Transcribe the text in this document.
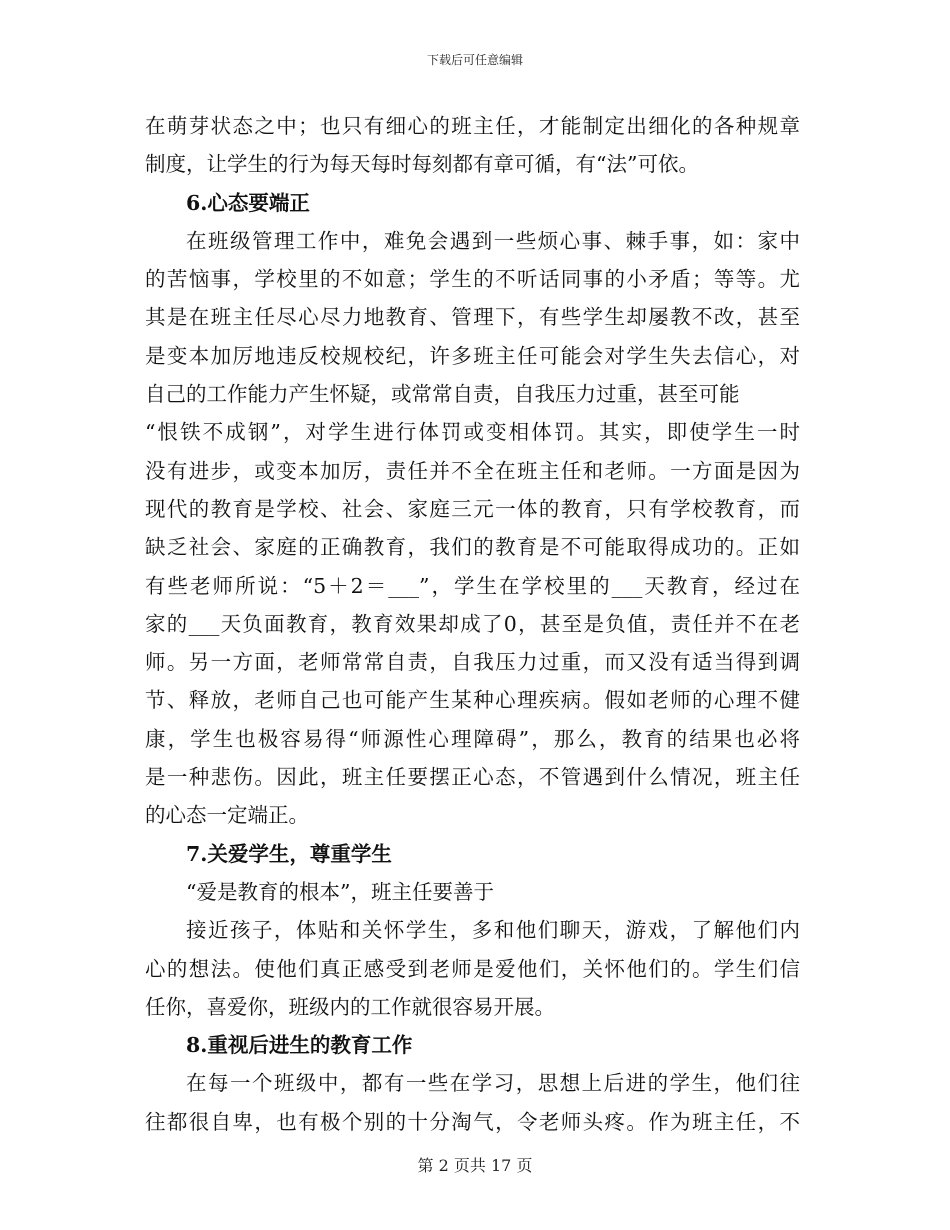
下载后可任意编辑
在萌芽状态之中；也只有细心的班主任，才能制定出细化的各种规章
制度，让学生的行为每天每时每刻都有章可循，有“法”可依。
6.心态要端正
在班级管理工作中，难免会遇到一些烦心事、棘手事，如：家中
的苦恼事，学校里的不如意；学生的不听话同事的小矛盾；等等。尤
其是在班主任尽心尽力地教育、管理下，有些学生却屡教不改，甚至
是变本加厉地违反校规校纪，许多班主任可能会对学生失去信心，对
自己的工作能力产生怀疑，或常常自责，自我压力过重，甚至可能
“恨铁不成钢”，对学生进行体罚或变相体罚。其实，即使学生一时
没有进步，或变本加厉，责任并不全在班主任和老师。一方面是因为
现代的教育是学校、社会、家庭三元一体的教育，只有学校教育，而
缺乏社会、家庭的正确教育，我们的教育是不可能取得成功的。正如
有些老师所说：“5＋2＝___”，学生在学校里的___天教育，经过在
家的___天负面教育，教育效果却成了0，甚至是负值，责任并不在老
师。另一方面，老师常常自责，自我压力过重，而又没有适当得到调
节、释放，老师自己也可能产生某种心理疾病。假如老师的心理不健
康，学生也极容易得“师源性心理障碍”，那么，教育的结果也必将
是一种悲伤。因此，班主任要摆正心态，不管遇到什么情况，班主任
的心态一定端正。
7.关爱学生，尊重学生
“爱是教育的根本”，班主任要善于
接近孩子，体贴和关怀学生，多和他们聊天，游戏，了解他们内
心的想法。使他们真正感受到老师是爱他们，关怀他们的。学生们信
任你，喜爱你，班级内的工作就很容易开展。
8.重视后进生的教育工作
在每一个班级中，都有一些在学习，思想上后进的学生，他们往
往都很自卑，也有极个别的十分淘气，令老师头疼。作为班主任，不
第 2 页共 17 页
